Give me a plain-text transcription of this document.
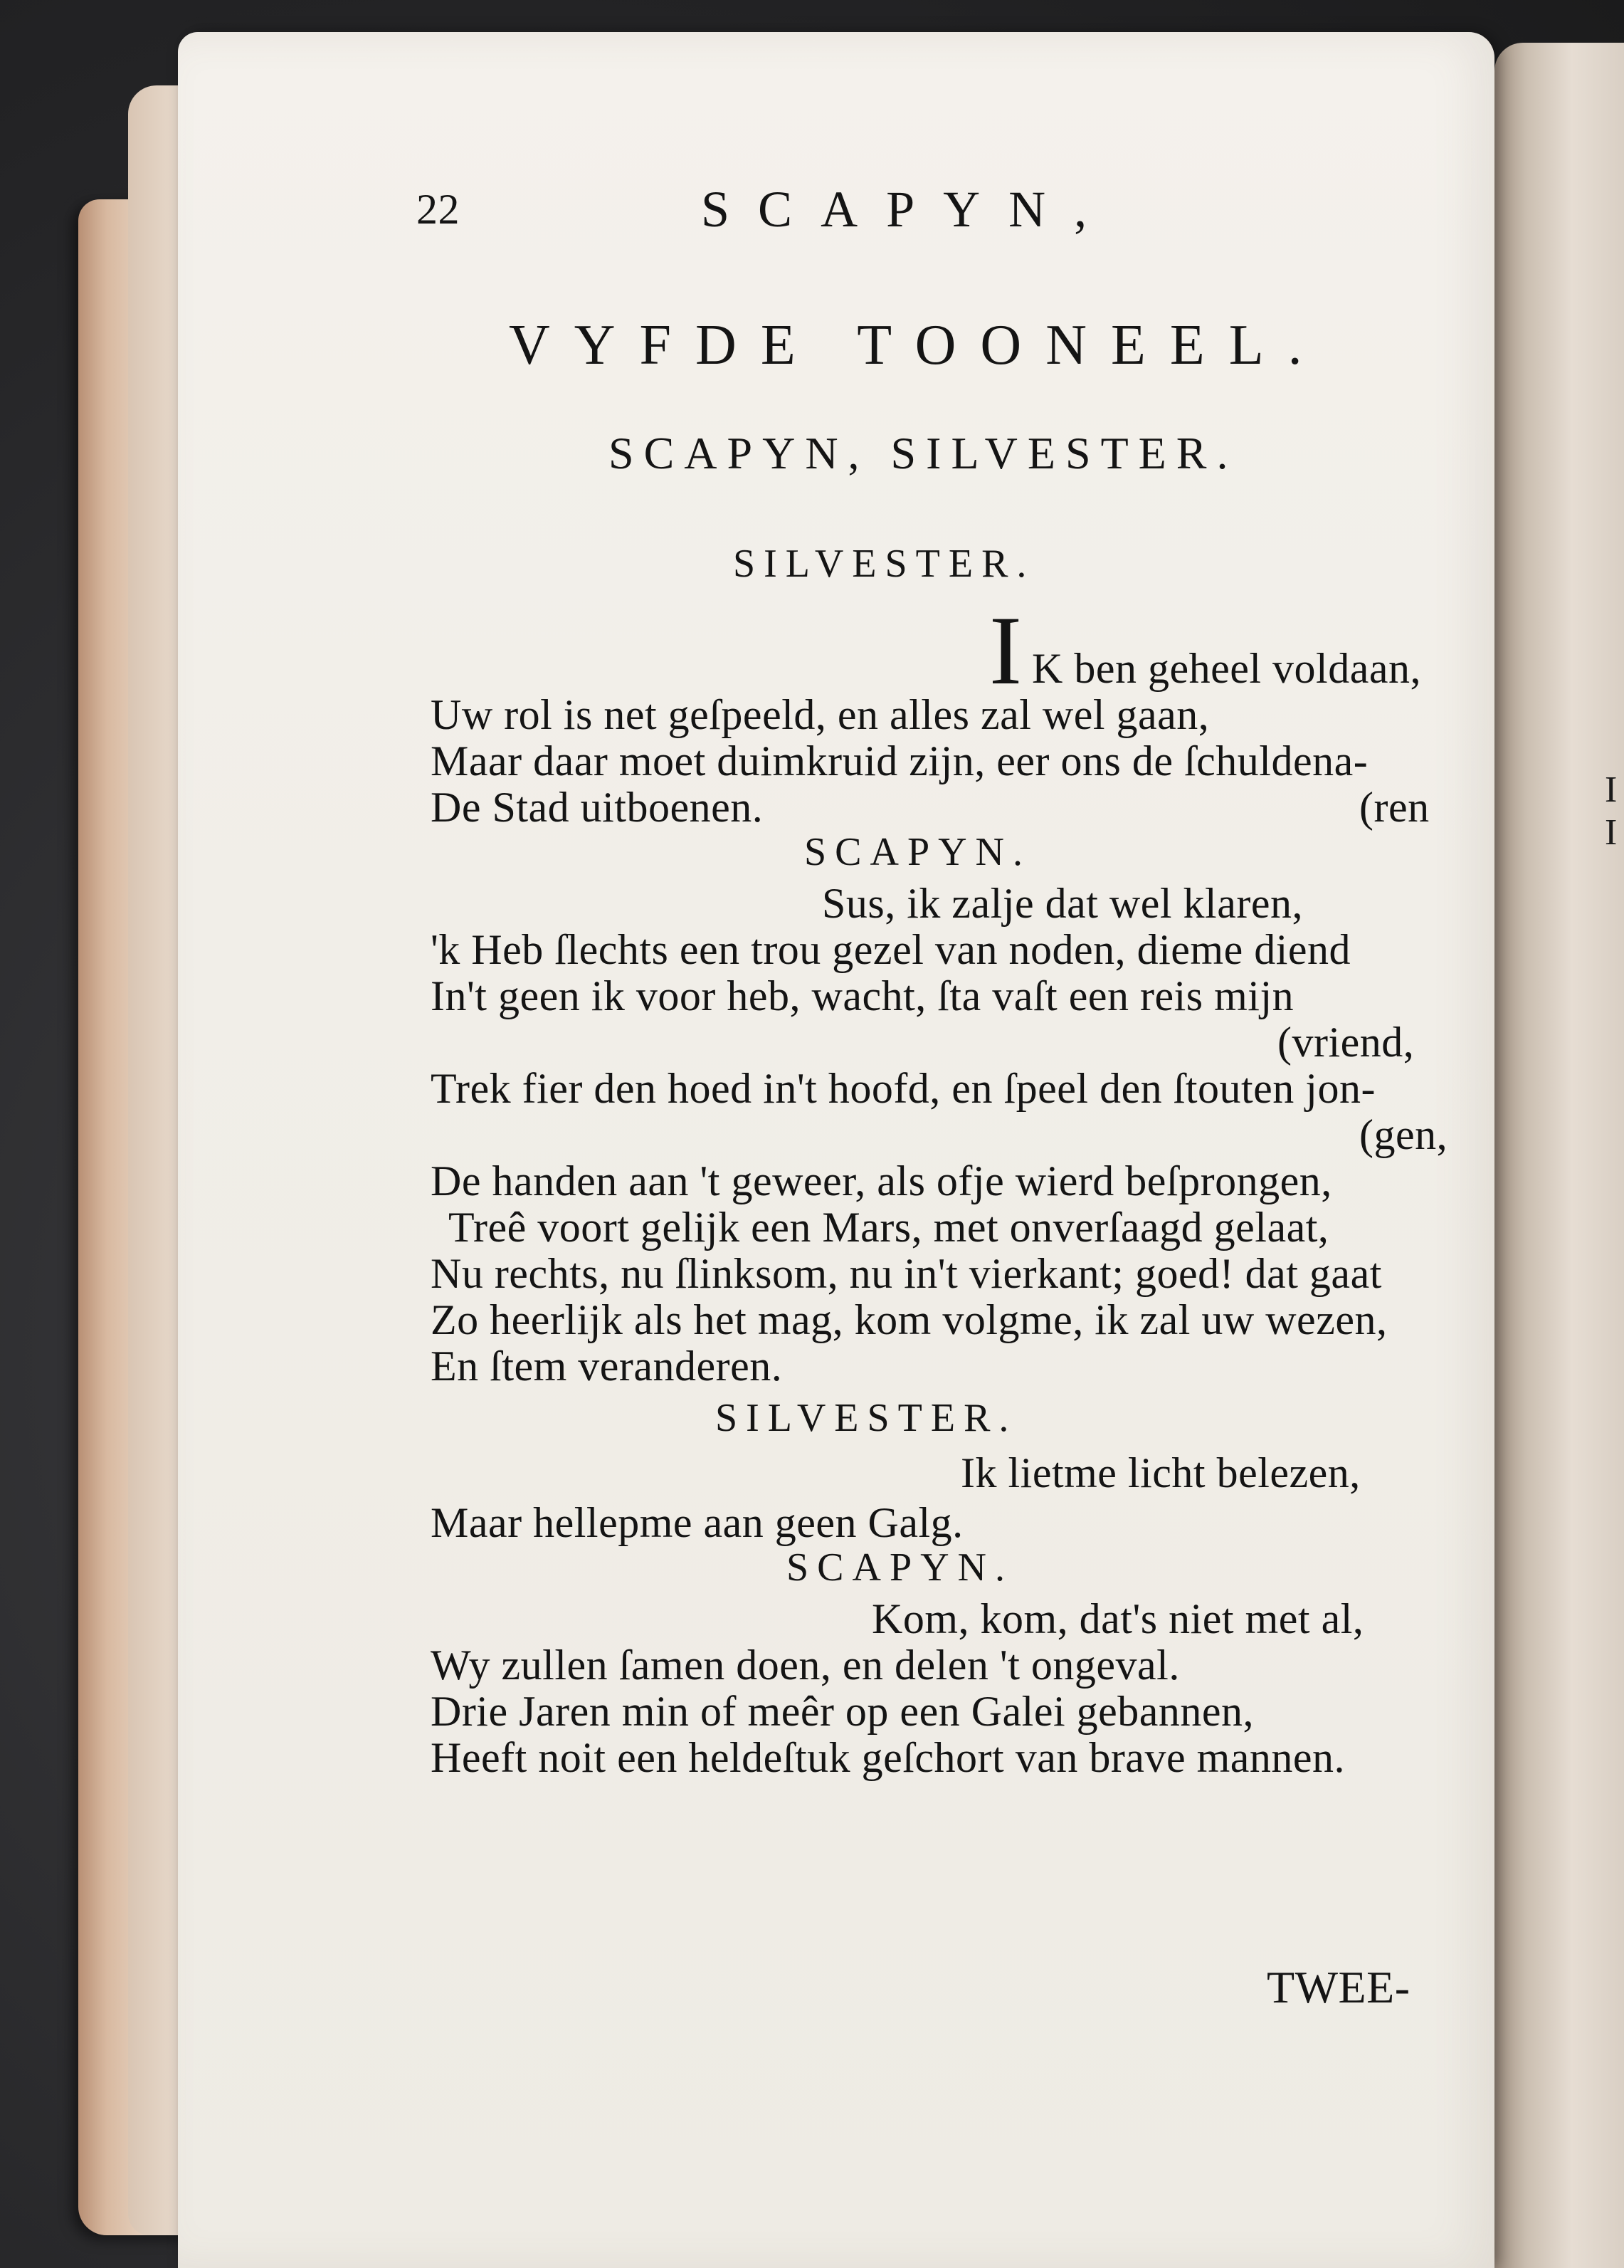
I
I
22	SCAPYN,
VYFDE TOONEEL.
SCAPYN, SILVESTER.
SILVESTER.
I K ben geheel voldaan,
Uw rol is net geſpeeld, en alles zal wel gaan,
Maar daar moet duimkruid zijn, eer ons de ſchuldena-
De Stad uitboenen.	(ren
SCAPYN.
Sus, ik zalje dat wel klaren,
'k Heb ſlechts een trou gezel van noden, dieme diend
In't geen ik voor heb, wacht, ſta vaſt een reis mijn
(vriend,
Trek fier den hoed in't hoofd, en ſpeel den ſtouten jon-
(gen,
De handen aan 't geweer, als ofje wierd beſprongen,
Treê voort gelijk een Mars, met onverſaagd gelaat,
Nu rechts, nu ſlinksom, nu in't vierkant; goed! dat gaat
Zo heerlijk als het mag, kom volgme, ik zal uw wezen,
En ſtem veranderen.
SILVESTER.
Ik lietme licht belezen,
Maar hellepme aan geen Galg.
SCAPYN.
Kom, kom, dat's niet met al,
Wy zullen ſamen doen, en delen 't ongeval.
Drie Jaren min of meêr op een Galei gebannen,
Heeft noit een heldeſtuk geſchort van brave mannen.
TWEE-
